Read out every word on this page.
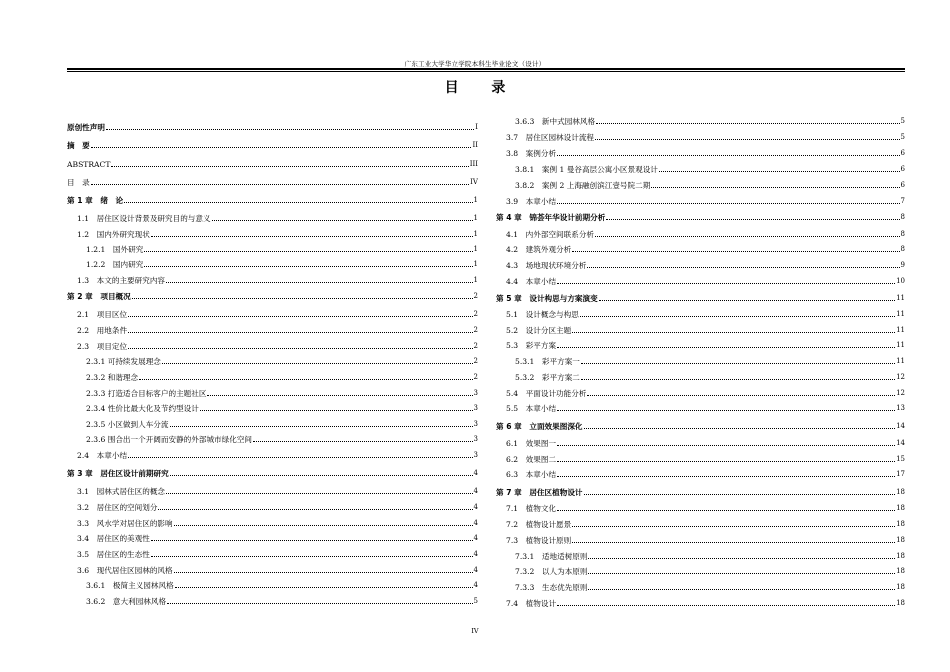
广东工业大学华立学院本科生毕业论文（设计）
目 录
原创性声明	I
摘　要	II
ABSTRACT	III
目　录	IV
第 1 章　绪　论	1
1.1　居住区设计背景及研究目的与意义	1
1.2　国内外研究现状	1
1.2.1　国外研究	1
1.2.2　国内研究	1
1.3　本文的主要研究内容	1
第 2 章　项目概况	2
2.1　项目区位	2
2.2　用地条件	2
2.3　项目定位	2
2.3.1 可持续发展理念	2
2.3.2 和谐理念	2
2.3.3 打造适合目标客户的主题社区	3
2.3.4 性价比最大化及节约型设计	3
2.3.5 小区做到人车分流	3
2.3.6 围合出一个开阔而安静的外部城市绿化空间	3
2.4　本章小结	3
第 3 章　居住区设计前期研究	4
3.1　园林式居住区的概念	4
3.2　居住区的空间划分	4
3.3　风水学对居住区的影响	4
3.4　居住区的美观性	4
3.5　居住区的生态性	4
3.6　现代居住区园林的风格	4
3.6.1　极简主义园林风格	4
3.6.2　意大利园林风格	5
3.6.3　新中式园林风格	5
3.7　居住区园林设计流程	5
3.8　案例分析	6
3.8.1　案例 1 曼谷高层公寓小区景观设计	6
3.8.2　案例 2 上海融创滨江壹号院二期	6
3.9　本章小结	7
第 4 章　锦荟年华设计前期分析	8
4.1　内外部空间联系分析	8
4.2　建筑外观分析	8
4.3　场地现状环境分析	9
4.4　本章小结	10
第 5 章　设计构思与方案演变	11
5.1　设计概念与构思	11
5.2　设计分区主题	11
5.3　彩平方案	11
5.3.1　彩平方案一	11
5.3.2　彩平方案二	12
5.4　平面设计功能分析	12
5.5　本章小结	13
第 6 章　立面效果图深化	14
6.1　效果图一	14
6.2　效果图二	15
6.3　本章小结	17
第 7 章　居住区植物设计	18
7.1　植物文化	18
7.2　植物设计愿景	18
7.3　植物设计原则	18
7.3.1　适地适树原则	18
7.3.2　以人为本原则	18
7.3.3　生态优先原则	18
7.4　植物设计	18
IV
